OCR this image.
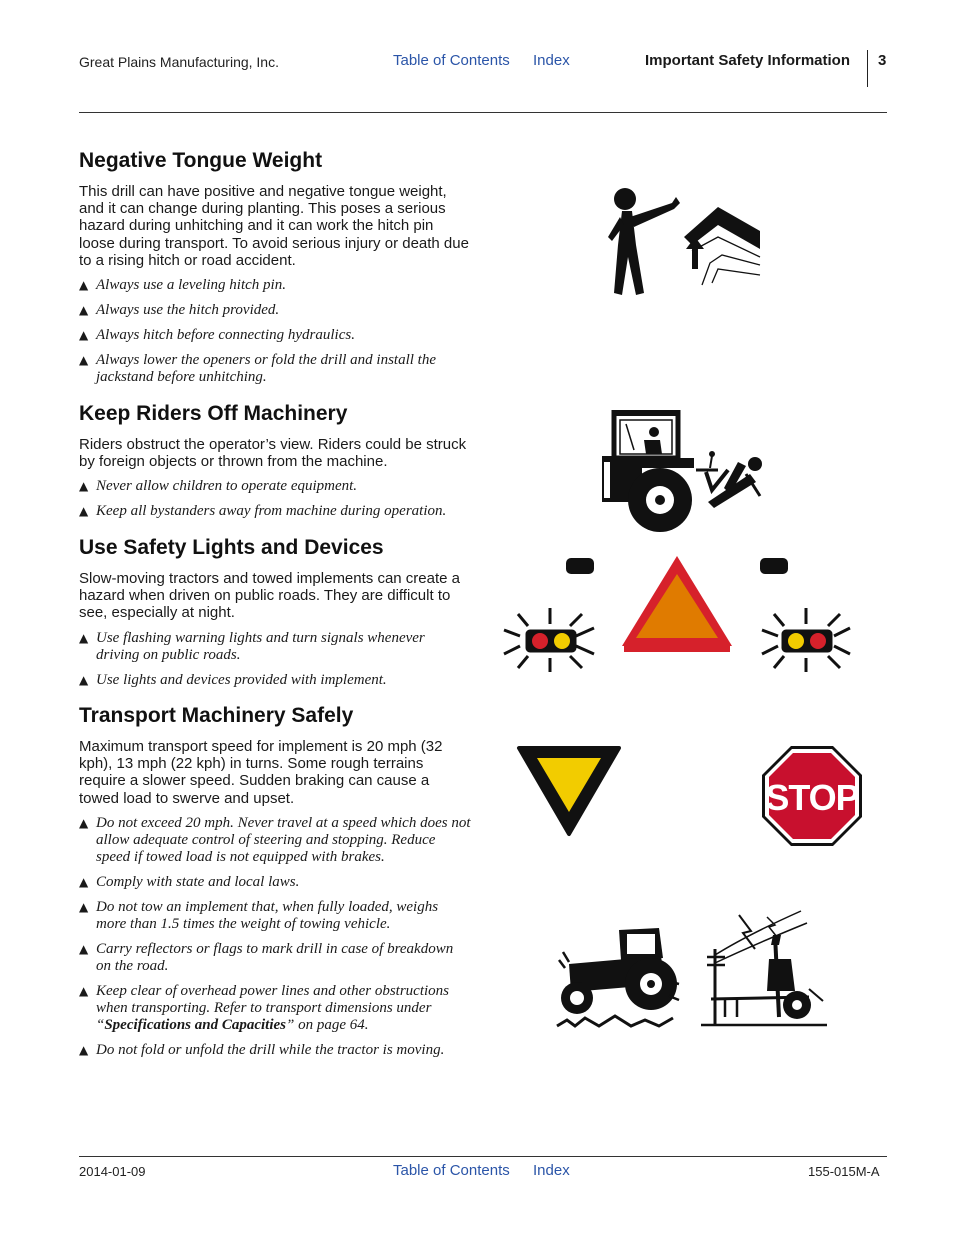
Great Plains Manufacturing, Inc.	Table of Contents Index	Important Safety Information 3
Negative Tongue Weight

This drill can have positive and negative tongue weight, and it can change during planting. This poses a serious hazard during unhitching and it can work the hitch pin loose during transport. To avoid serious injury or death due to a rising hitch or road accident.

▲ Always use a leveling hitch pin.
▲ Always use the hitch provided.
▲ Always hitch before connecting hydraulics.
▲ Always lower the openers or fold the drill and install the jackstand before unhitching.
Keep Riders Off Machinery

Riders obstruct the operator’s view. Riders could be struck by foreign objects or thrown from the machine.

▲ Never allow children to operate equipment.
▲ Keep all bystanders away from machine during operation.
Use Safety Lights and Devices

Slow-moving tractors and towed implements can create a hazard when driven on public roads. They are difficult to see, especially at night.

▲ Use flashing warning lights and turn signals whenever driving on public roads.
▲ Use lights and devices provided with implement.
Transport Machinery Safely

Maximum transport speed for implement is 20 mph (32 kph), 13 mph (22 kph) in turns. Some rough terrains require a slower speed. Sudden braking can cause a towed load to swerve and upset.

▲ Do not exceed 20 mph. Never travel at a speed which does not allow adequate control of steering and stopping. Reduce speed if towed load is not equipped with brakes.
▲ Comply with state and local laws.
▲ Do not tow an implement that, when fully loaded, weighs more than 1.5 times the weight of towing vehicle.
▲ Carry reflectors or flags to mark drill in case of breakdown on the road.
▲ Keep clear of overhead power lines and other obstructions when transporting. Refer to transport dimensions under “Specifications and Capacities” on page 64.
▲ Do not fold or unfold the drill while the tractor is moving.
STOP
2014-01-09	Table of Contents Index	155-015M-A
